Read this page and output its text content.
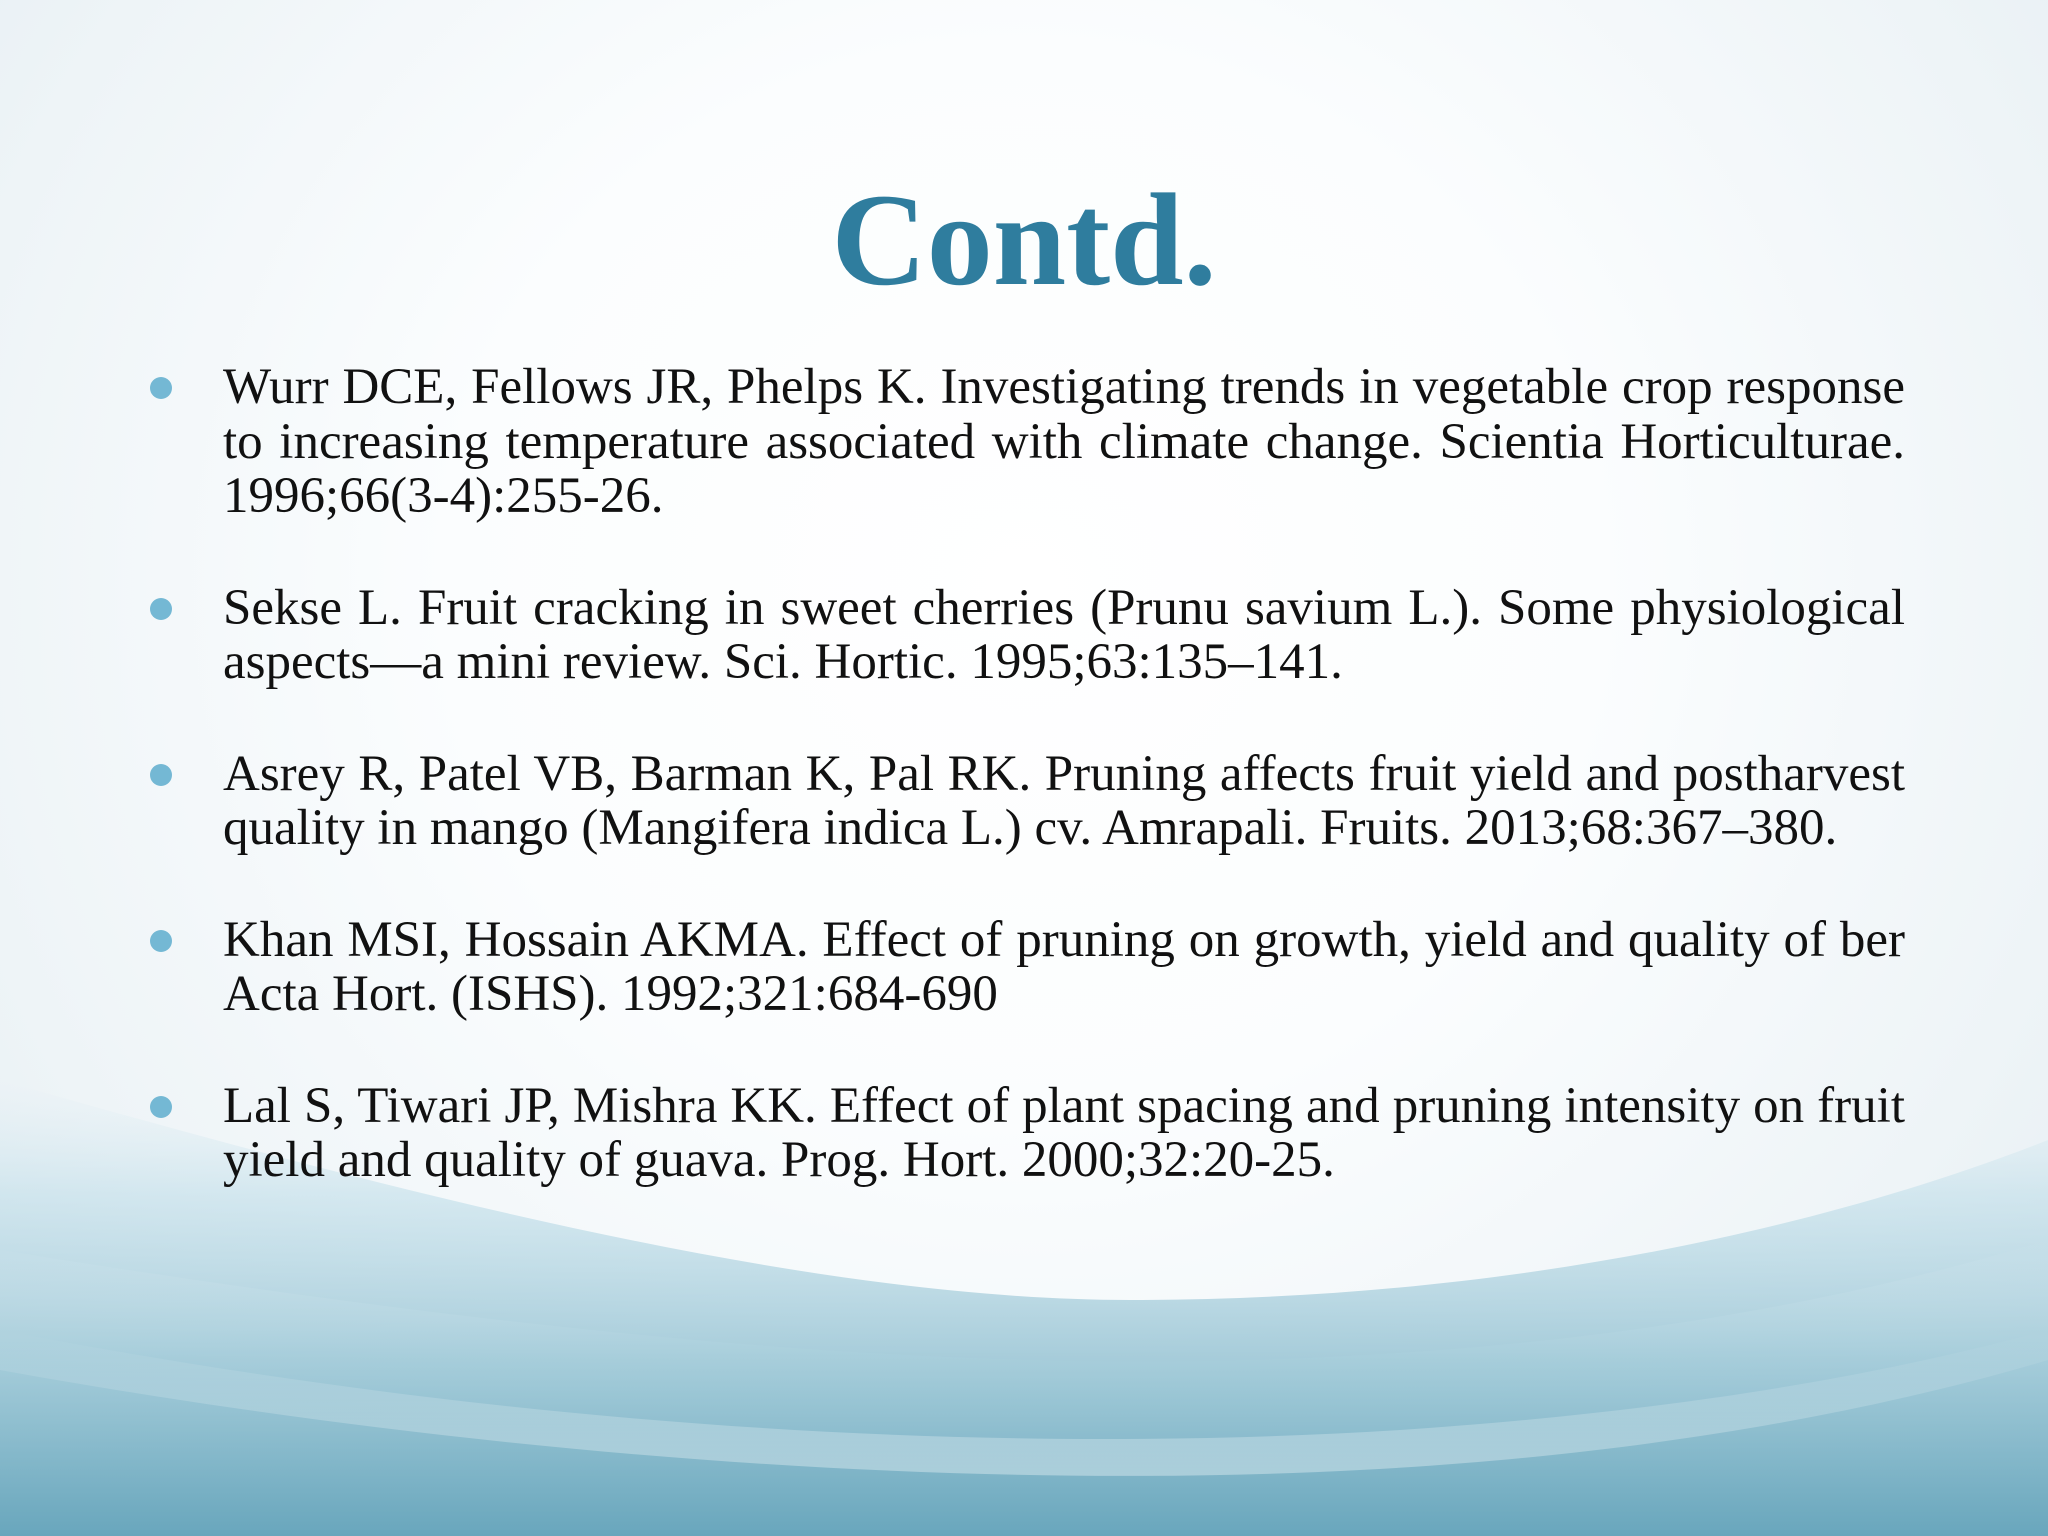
Contd.
Wurr DCE, Fellows JR, Phelps K. Investigating trends in vegetable crop response to increasing temperature associated with climate change. Scientia Horticulturae. 1996;66(3-4):255-26.
Sekse L. Fruit cracking in sweet cherries (Prunu savium L.). Some physiological aspects—a mini review. Sci. Hortic. 1995;63:135–141.
Asrey R, Patel VB, Barman K, Pal RK. Pruning affects fruit yield and postharvest quality in mango (Mangifera indica L.) cv. Amrapali. Fruits. 2013;68:367–380.
Khan MSI, Hossain AKMA. Effect of pruning on growth, yield and quality of ber Acta Hort. (ISHS). 1992;321:684-690
Lal S, Tiwari JP, Mishra KK. Effect of plant spacing and pruning intensity on fruit yield and quality of guava. Prog. Hort. 2000;32:20-25.
